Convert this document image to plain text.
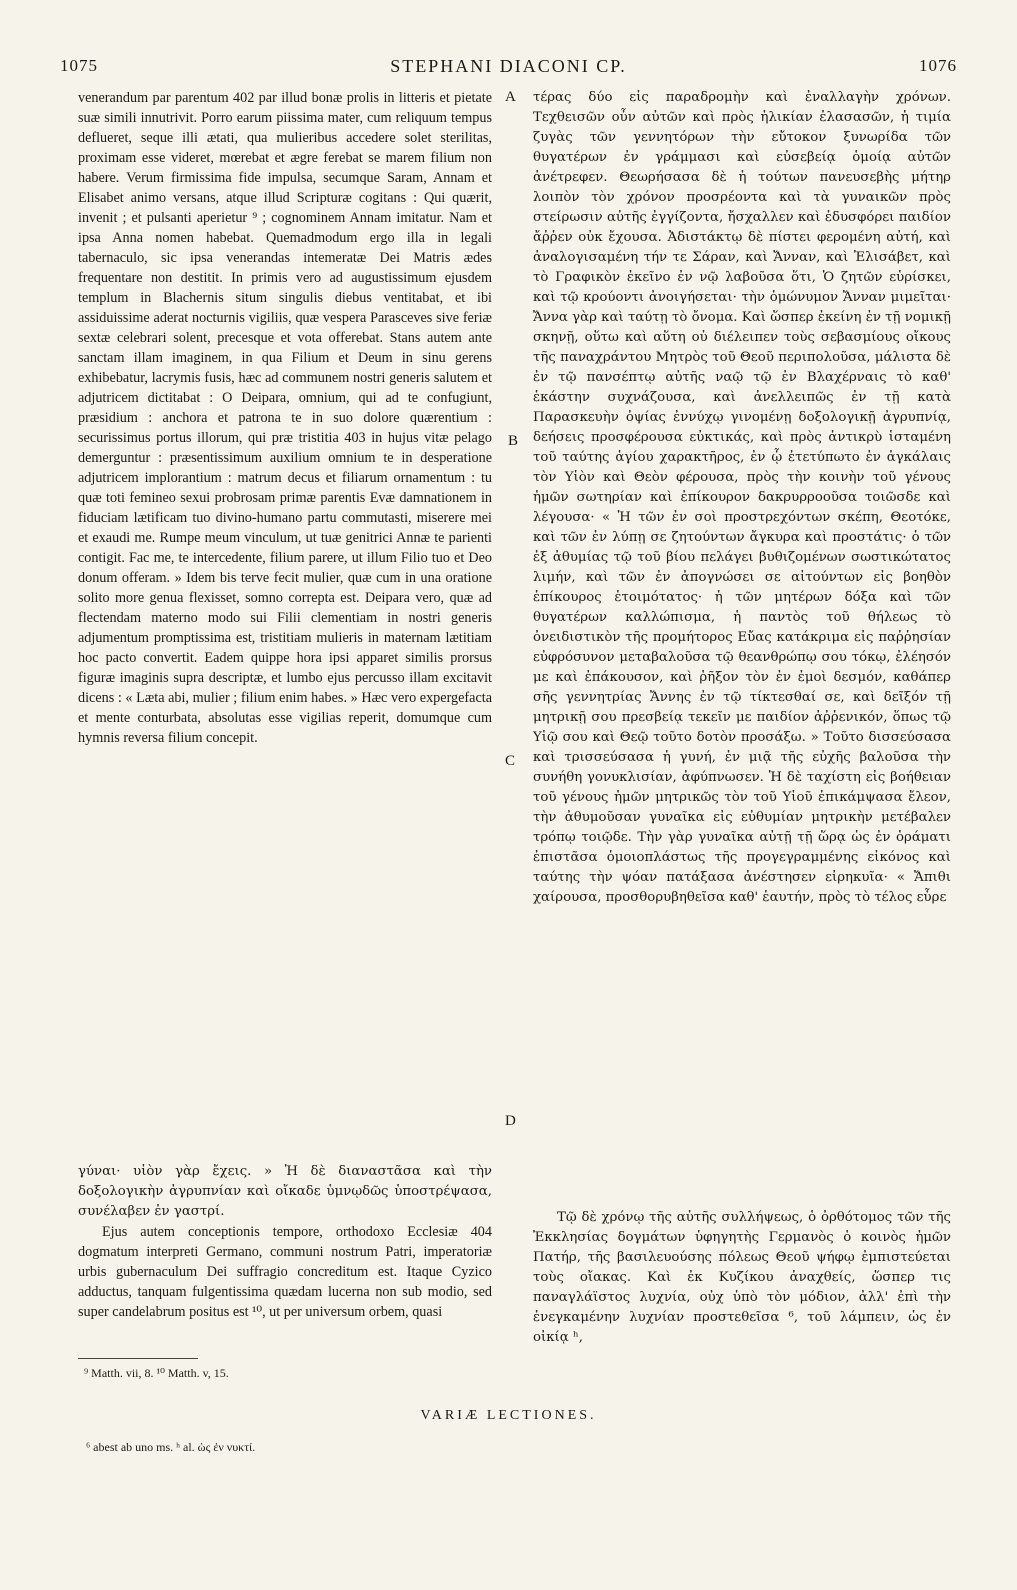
STEPHANI DIACONI CP.
1075	1076
A
B
C
D

venerandum par parentum 402 par illud bonæ prolis in litteris et pietate suæ simili innutrivit. Porro earum piissima mater, cum reliquum tempus deflueret, seque illi ætati, qua mulieribus accedere solet sterilitas, proximam esse videret, mœrebat et ægre ferebat se marem filium non habere. Verum firmissima fide impulsa, secumque Saram, Annam et Elisabet animo versans, atque illud Scripturæ cogitans : Qui quærit, invenit ; et pulsanti aperietur ⁹ ; cognominem Annam imitatur. Nam et ipsa Anna nomen habebat. Quemadmodum ergo illa in legali tabernaculo, sic ipsa venerandas intemeratæ Dei Matris ædes frequentare non destitit. In primis vero ad augustissimum ejusdem templum in Blachernis situm singulis diebus ventitabat, et ibi assiduissime aderat nocturnis vigiliis, quæ vespera Parasceves sive feriæ sextæ celebrari solent, precesque et vota offerebat. Stans autem ante sanctam illam imaginem, in qua Filium et Deum in sinu gerens exhibebatur, lacrymis fusis, hæc ad communem nostri generis salutem et adjutricem dictitabat : O Deipara, omnium, qui ad te confugiunt, præsidium : anchora et patrona te in suo dolore quærentium : securissimus portus illorum, qui præ tristitia 403 in hujus vitæ pelago demerguntur : præsentissimum auxilium omnium te in desperatione adjutricem implorantium : matrum decus et filiarum ornamentum : tu quæ toti femineo sexui probrosam primæ parentis Evæ damnationem in fiduciam lætificam tuo divino-humano partu commutasti, miserere mei et exaudi me. Rumpe meum vinculum, ut tuæ genitrici Annæ te parienti contigit. Fac me, te intercedente, filium parere, ut illum Filio tuo et Deo donum offeram. » Idem bis terve fecit mulier, quæ cum in una oratione solito more genua flexisset, somno correpta est. Deipara vero, quæ ad flectendam materno modo sui Filii clementiam in nostri generis adjumentum promptissima est, tristitiam mulieris in maternam lætitiam hoc pacto convertit. Eadem quippe hora ipsi apparet similis prorsus figuræ imaginis supra descriptæ, et lumbo ejus percusso illam excitavit dicens : « Læta abi, mulier ; filium enim habes. » Hæc vero expergefacta et mente conturbata, absolutas esse vigilias reperit, domumque cum hymnis reversa filium concepit.

γύναι· υἱὸν γὰρ ἔχεις. » Ἡ δὲ διαναστᾶσα καὶ τὴν δοξολογικὴν ἀγρυπνίαν καὶ οἴκαδε ὑμνῳδῶς ὑποστρέψασα, συνέλαβεν ἐν γαστρί.

Ejus autem conceptionis tempore, orthodoxo Ecclesiæ 404 dogmatum interpreti Germano, communi nostrum Patri, imperatoriæ urbis gubernaculum Dei suffragio concreditum est. Itaque Cyzico adductus, tanquam fulgentissima quædam lucerna non sub modio, sed super candelabrum positus est ¹⁰, ut per universum orbem, quasi

τέρας δύο εἰς παραδρομὴν καὶ ἐναλλαγὴν χρόνων. Τεχθεισῶν οὖν αὐτῶν καὶ πρὸς ἡλικίαν ἐλασασῶν, ἡ τιμία ζυγὰς τῶν γεννητόρων τὴν εὔτοκον ξυνωρίδα τῶν θυγατέρων ἐν γράμμασι καὶ εὐσεβείᾳ ὁμοίᾳ αὐτῶν ἀνέτρεφεν. Θεωρήσασα δὲ ἡ τούτων πανευσεβὴς μήτηρ λοιπὸν τὸν χρόνον προσρέοντα καὶ τὰ γυναικῶν πρὸς στείρωσιν αὐτῆς ἐγγίζοντα, ἤσχαλλεν καὶ ἐδυσφόρει παιδίον ἄῤῥεν οὐκ ἔχουσα. Ἀδιστάκτῳ δὲ πίστει φερομένη αὐτή, καὶ ἀναλογισαμένη τήν τε Σάραν, καὶ Ἄνναν, καὶ Ἐλισάβετ, καὶ τὸ Γραφικὸν ἐκεῖνο ἐν νῷ λαβοῦσα ὅτι, Ὁ ζητῶν εὑρίσκει, καὶ τῷ κρούοντι ἀνοιγήσεται· τὴν ὁμώνυμον Ἄνναν μιμεῖται· Ἄννα γὰρ καὶ ταύτῃ τὸ ὄνομα. Καὶ ὥσπερ ἐκείνη ἐν τῇ νομικῇ σκηνῇ, οὕτω καὶ αὕτη οὐ διέλειπεν τοὺς σεβασμίους οἴκους τῆς παναχράντου Μητρὸς τοῦ Θεοῦ περιπολοῦσα, μάλιστα δὲ ἐν τῷ πανσέπτῳ αὐτῆς ναῷ τῷ ἐν Βλαχέρναις τὸ καθ' ἑκάστην συχνάζουσα, καὶ ἀνελλειπῶς ἐν τῇ κατὰ Παρασκευὴν ὀψίας ἐννύχῳ γινομένῃ δοξολογικῇ ἀγρυπνίᾳ, δεήσεις προσφέρουσα εὐκτικάς, καὶ πρὸς ἀντικρὺ ἱσταμένη τοῦ ταύτης ἁγίου χαρακτῆρος, ἐν ᾧ ἐτετύπωτο ἐν ἀγκάλαις τὸν Υἱὸν καὶ Θεὸν φέρουσα, πρὸς τὴν κοινὴν τοῦ γένους ἡμῶν σωτηρίαν καὶ ἐπίκουρον δακρυρροοῦσα τοιῶσδε καὶ λέγουσα· « Ἡ τῶν ἐν σοὶ προστρεχόντων σκέπη, Θεοτόκε, καὶ τῶν ἐν λύπῃ σε ζητούντων ἄγκυρα καὶ προστάτις· ὁ τῶν ἐξ ἀθυμίας τῷ τοῦ βίου πελάγει βυθιζομένων σωστικώτατος λιμήν, καὶ τῶν ἐν ἀπογνώσει σε αἰτούντων εἰς βοηθὸν ἐπίκουρος ἑτοιμότατος· ἡ τῶν μητέρων δόξα καὶ τῶν θυγατέρων καλλώπισμα, ἡ παντὸς τοῦ θήλεως τὸ ὀνειδιστικὸν τῆς προμήτορος Εὔας κατάκριμα εἰς παῤῥησίαν εὐφρόσυνον μεταβαλοῦσα τῷ θεανθρώπῳ σου τόκῳ, ἐλέησόν με καὶ ἐπάκουσον, καὶ ῥῆξον τὸν ἐν ἐμοὶ δεσμόν, καθάπερ σῆς γεννητρίας Ἄννης ἐν τῷ τίκτεσθαί σε, καὶ δεῖξόν τῇ μητρικῇ σου πρεσβείᾳ τεκεῖν με παιδίον ἀῤῥενικόν, ὅπως τῷ Υἱῷ σου καὶ Θεῷ τοῦτο δοτὸν προσάξω. » Τοῦτο δισσεύσασα καὶ τρισσεύσασα ἡ γυνή, ἐν μιᾷ τῆς εὐχῆς βαλοῦσα τὴν συνήθη γονυκλισίαν, ἀφύπνωσεν. Ἡ δὲ ταχίστη εἰς βοήθειαν τοῦ γένους ἡμῶν μητρικῶς τὸν τοῦ Υἱοῦ ἐπικάμψασα ἔλεον, τὴν ἀθυμοῦσαν γυναῖκα εἰς εὐθυμίαν μητρικὴν μετέβαλεν τρόπῳ τοιῷδε. Τὴν γὰρ γυναῖκα αὐτῇ τῇ ὥρᾳ ὡς ἐν ὁράματι ἐπιστᾶσα ὁμοιοπλάστως τῆς προγεγραμμένης εἰκόνος καὶ ταύτης τὴν ψόαν πατάξασα ἀνέστησεν εἰρηκυῖα· « Ἄπιθι χαίρουσα, προσθορυβηθεῖσα καθ' ἑαυτήν, πρὸς τὸ τέλος εὗρε

Τῷ δὲ χρόνῳ τῆς αὐτῆς συλλήψεως, ὁ ὀρθότομος τῶν τῆς Ἐκκλησίας δογμάτων ὑφηγητὴς Γερμανὸς ὁ κοινὸς ἡμῶν Πατήρ, τῆς βασιλευούσης πόλεως Θεοῦ ψήφῳ ἐμπιστεύεται τοὺς οἴακας. Καὶ ἐκ Κυζίκου ἀναχθείς, ὥσπερ τις παναγλάϊστος λυχνία, οὐχ ὑπὸ τὸν μόδιον, ἀλλ' ἐπὶ τὴν ἐνεγκαμένην λυχνίαν προστεθεῖσα ⁶, τοῦ λάμπειν, ὡς ἐν οἰκίᾳ ʰ,

⁹ Matth. vii, 8. ¹⁰ Matth. v, 15.
VARIÆ LECTIONES.
⁶ abest ab uno ms. ʰ al. ὡς ἐν νυκτί.
